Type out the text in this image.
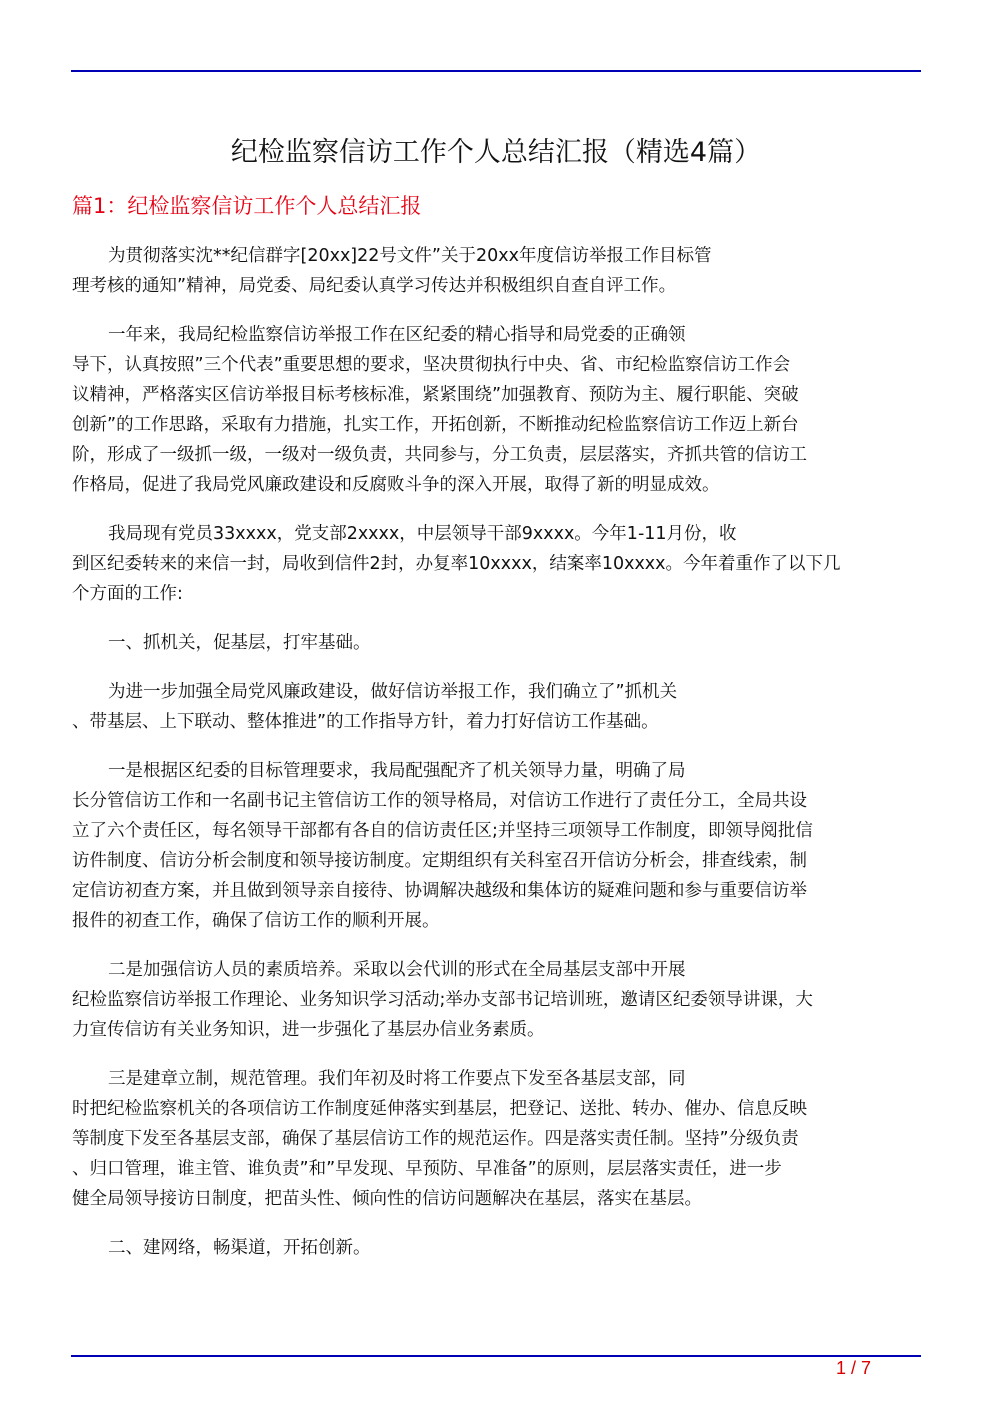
纪检监察信访工作个人总结汇报（精选4篇）
篇1：纪检监察信访工作个人总结汇报
为贯彻落实沈**纪信群字[20xx]22号文件”关于20xx年度信访举报工作目标管
理考核的通知”精神，局党委、局纪委认真学习传达并积极组织自查自评工作。
一年来，我局纪检监察信访举报工作在区纪委的精心指导和局党委的正确领
导下，认真按照”三个代表”重要思想的要求，坚决贯彻执行中央、省、市纪检监察信访工作会
议精神，严格落实区信访举报目标考核标准，紧紧围绕”加强教育、预防为主、履行职能、突破
创新”的工作思路，采取有力措施，扎实工作，开拓创新，不断推动纪检监察信访工作迈上新台
阶，形成了一级抓一级，一级对一级负责，共同参与，分工负责，层层落实，齐抓共管的信访工
作格局，促进了我局党风廉政建设和反腐败斗争的深入开展，取得了新的明显成效。
我局现有党员33xxxx，党支部2xxxx，中层领导干部9xxxx。今年1-11月份，收
到区纪委转来的来信一封，局收到信件2封，办复率10xxxx，结案率10xxxx。今年着重作了以下几
个方面的工作:
一、抓机关，促基层，打牢基础。
为进一步加强全局党风廉政建设，做好信访举报工作，我们确立了”抓机关
、带基层、上下联动、整体推进”的工作指导方针，着力打好信访工作基础。
一是根据区纪委的目标管理要求，我局配强配齐了机关领导力量，明确了局
长分管信访工作和一名副书记主管信访工作的领导格局，对信访工作进行了责任分工，全局共设
立了六个责任区，每名领导干部都有各自的信访责任区;并坚持三项领导工作制度，即领导阅批信
访件制度、信访分析会制度和领导接访制度。定期组织有关科室召开信访分析会，排查线索，制
定信访初查方案，并且做到领导亲自接待、协调解决越级和集体访的疑难问题和参与重要信访举
报件的初查工作，确保了信访工作的顺利开展。
二是加强信访人员的素质培养。采取以会代训的形式在全局基层支部中开展
纪检监察信访举报工作理论、业务知识学习活动;举办支部书记培训班，邀请区纪委领导讲课，大
力宣传信访有关业务知识，进一步强化了基层办信业务素质。
三是建章立制，规范管理。我们年初及时将工作要点下发至各基层支部，同
时把纪检监察机关的各项信访工作制度延伸落实到基层，把登记、送批、转办、催办、信息反映
等制度下发至各基层支部，确保了基层信访工作的规范运作。四是落实责任制。坚持”分级负责
、归口管理，谁主管、谁负责”和”早发现、早预防、早准备”的原则，层层落实责任，进一步
健全局领导接访日制度，把苗头性、倾向性的信访问题解决在基层，落实在基层。
二、建网络，畅渠道，开拓创新。
1 / 7
